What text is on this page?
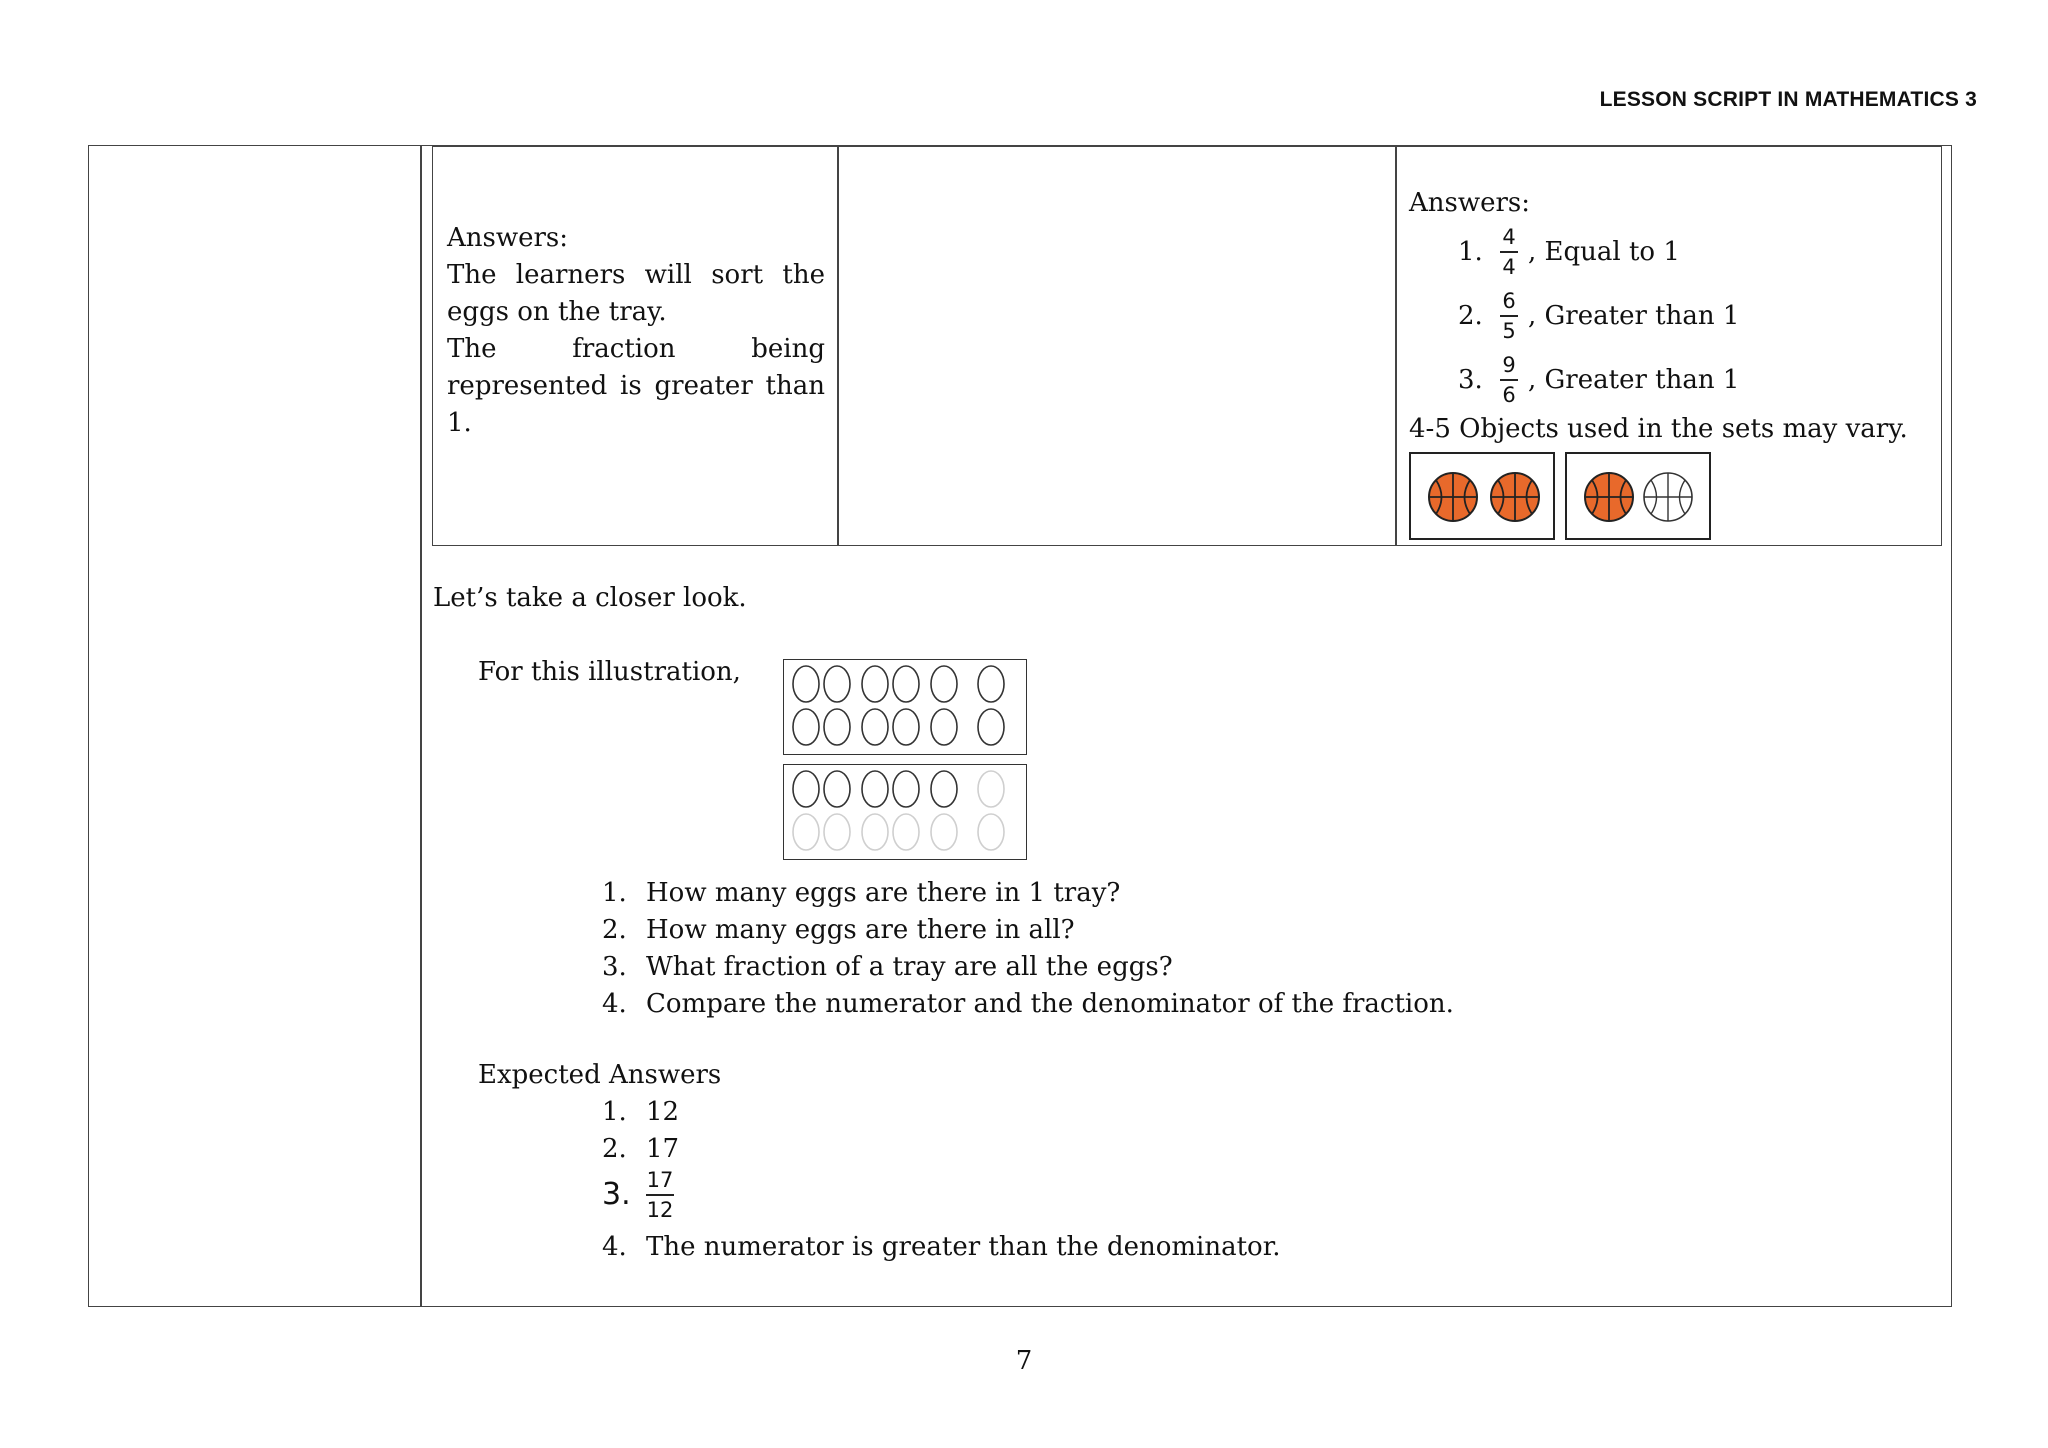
LESSON SCRIPT IN MATHEMATICS 3

Answers:

The learners will sort the

eggs on the tray.

The fraction being

represented is greater than

1.

Answers:
1. $\frac{4}{4}$ , Equal to 1
2. $\frac{6}{5}$ , Greater than 1
3. $\frac{9}{6}$ , Greater than 1
4-5 Objects used in the sets may vary.
Let’s take a closer look.
For this illustration,
1. How many eggs are there in 1 tray?
2. How many eggs are there in all?
3. What fraction of a tray are all the eggs?
4. Compare the numerator and the denominator of the fraction.
Expected Answers
1. 12
2. 17
3. $\frac{17}{12}$
4. The numerator is greater than the denominator.
7
